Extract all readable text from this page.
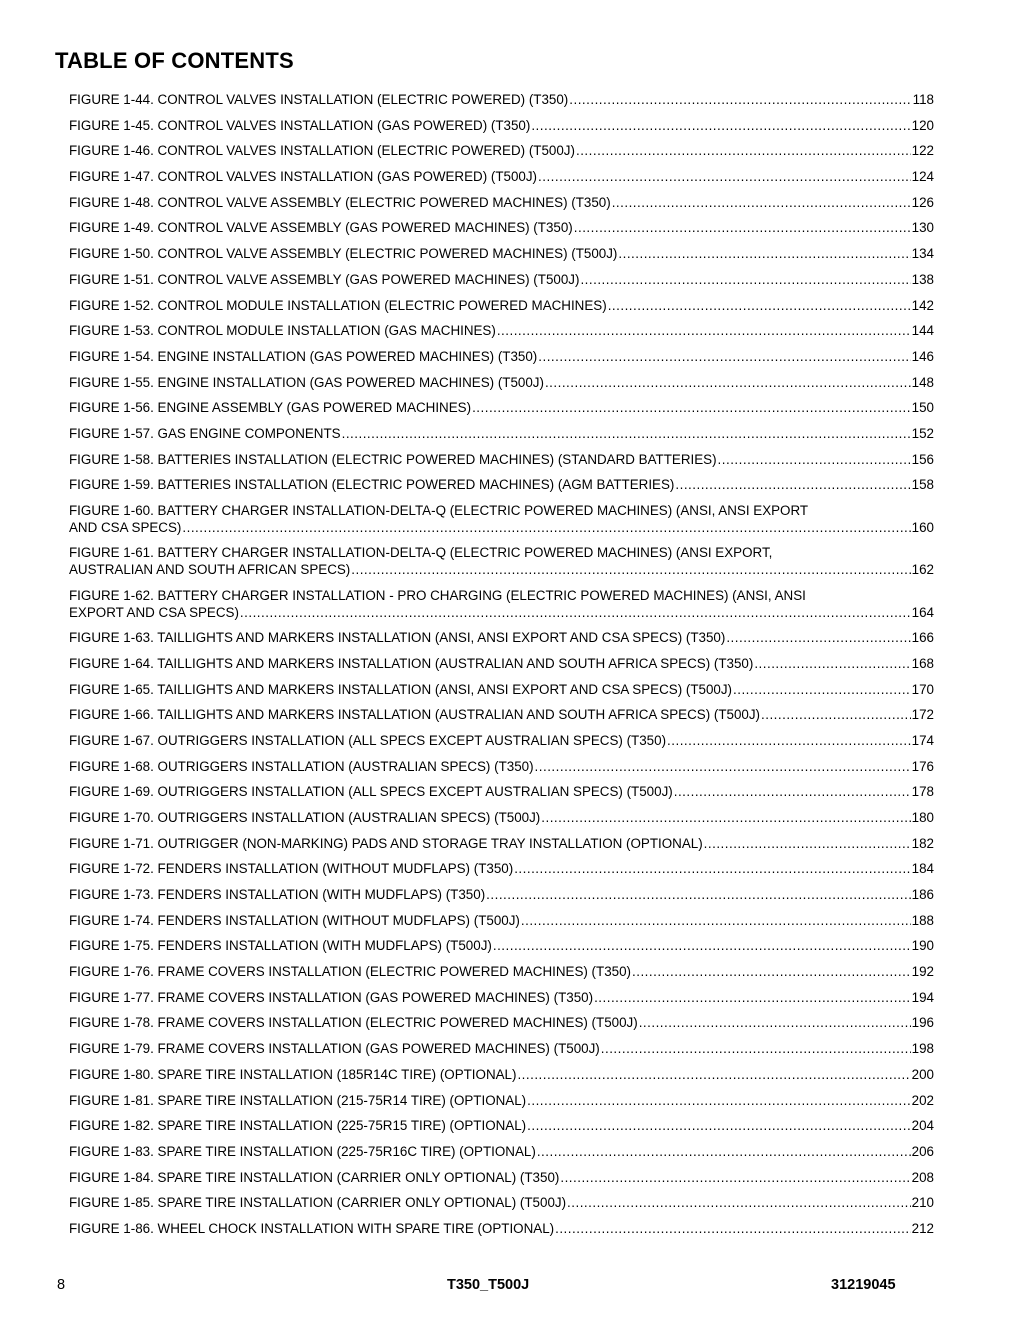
TABLE OF CONTENTS
FIGURE 1-44. CONTROL VALVES INSTALLATION (ELECTRIC POWERED) (T350) .....	118
FIGURE 1-45. CONTROL VALVES INSTALLATION (GAS POWERED) (T350) .....	120
FIGURE 1-46. CONTROL VALVES INSTALLATION (ELECTRIC POWERED) (T500J) .....	122
FIGURE 1-47. CONTROL VALVES INSTALLATION (GAS POWERED) (T500J) .....	124
FIGURE 1-48. CONTROL VALVE ASSEMBLY (ELECTRIC POWERED MACHINES) (T350) .....	126
FIGURE 1-49. CONTROL VALVE ASSEMBLY (GAS POWERED MACHINES) (T350) .....	130
FIGURE 1-50. CONTROL VALVE ASSEMBLY (ELECTRIC POWERED MACHINES) (T500J) .....	134
FIGURE 1-51. CONTROL VALVE ASSEMBLY (GAS POWERED MACHINES) (T500J) .....	138
FIGURE 1-52. CONTROL MODULE INSTALLATION (ELECTRIC POWERED MACHINES) .....	142
FIGURE 1-53. CONTROL MODULE INSTALLATION (GAS MACHINES) .....	144
FIGURE 1-54. ENGINE INSTALLATION (GAS POWERED MACHINES) (T350) .....	146
FIGURE 1-55. ENGINE INSTALLATION (GAS POWERED MACHINES) (T500J) .....	148
FIGURE 1-56. ENGINE ASSEMBLY (GAS POWERED MACHINES) .....	150
FIGURE 1-57. GAS ENGINE COMPONENTS .....	152
FIGURE 1-58. BATTERIES INSTALLATION (ELECTRIC POWERED MACHINES) (STANDARD BATTERIES) .....	156
FIGURE 1-59. BATTERIES INSTALLATION (ELECTRIC POWERED MACHINES) (AGM BATTERIES) .....	158
FIGURE 1-60. BATTERY CHARGER INSTALLATION-DELTA-Q (ELECTRIC POWERED MACHINES) (ANSI, ANSI EXPORT
AND CSA SPECS) .....	160
FIGURE 1-61. BATTERY CHARGER INSTALLATION-DELTA-Q (ELECTRIC POWERED MACHINES) (ANSI EXPORT,
AUSTRALIAN AND SOUTH AFRICAN SPECS) .....	162
FIGURE 1-62. BATTERY CHARGER INSTALLATION - PRO CHARGING (ELECTRIC POWERED MACHINES) (ANSI, ANSI
EXPORT AND CSA SPECS) .....	164
FIGURE 1-63. TAILLIGHTS AND MARKERS INSTALLATION (ANSI, ANSI EXPORT AND CSA SPECS) (T350) .....	166
FIGURE 1-64. TAILLIGHTS AND MARKERS INSTALLATION (AUSTRALIAN AND SOUTH AFRICA SPECS) (T350) .....	168
FIGURE 1-65. TAILLIGHTS AND MARKERS INSTALLATION (ANSI, ANSI EXPORT AND CSA SPECS) (T500J) .....	170
FIGURE 1-66. TAILLIGHTS AND MARKERS INSTALLATION (AUSTRALIAN AND SOUTH AFRICA SPECS) (T500J) .....	172
FIGURE 1-67. OUTRIGGERS INSTALLATION (ALL SPECS EXCEPT AUSTRALIAN SPECS) (T350) .....	174
FIGURE 1-68. OUTRIGGERS INSTALLATION (AUSTRALIAN SPECS) (T350) .....	176
FIGURE 1-69. OUTRIGGERS INSTALLATION (ALL SPECS EXCEPT AUSTRALIAN SPECS) (T500J) .....	178
FIGURE 1-70. OUTRIGGERS INSTALLATION (AUSTRALIAN SPECS) (T500J) .....	180
FIGURE 1-71. OUTRIGGER (NON-MARKING) PADS AND STORAGE TRAY INSTALLATION (OPTIONAL) .....	182
FIGURE 1-72. FENDERS INSTALLATION (WITHOUT MUDFLAPS) (T350) .....	184
FIGURE 1-73. FENDERS INSTALLATION (WITH MUDFLAPS) (T350) .....	186
FIGURE 1-74. FENDERS INSTALLATION (WITHOUT MUDFLAPS) (T500J) .....	188
FIGURE 1-75. FENDERS INSTALLATION (WITH MUDFLAPS) (T500J) .....	190
FIGURE 1-76. FRAME COVERS INSTALLATION (ELECTRIC POWERED MACHINES) (T350) .....	192
FIGURE 1-77. FRAME COVERS INSTALLATION (GAS POWERED MACHINES) (T350) .....	194
FIGURE 1-78. FRAME COVERS INSTALLATION (ELECTRIC POWERED MACHINES) (T500J) .....	196
FIGURE 1-79. FRAME COVERS INSTALLATION (GAS POWERED MACHINES) (T500J) .....	198
FIGURE 1-80. SPARE TIRE INSTALLATION (185R14C TIRE) (OPTIONAL) .....	200
FIGURE 1-81. SPARE TIRE INSTALLATION (215-75R14 TIRE) (OPTIONAL) .....	202
FIGURE 1-82. SPARE TIRE INSTALLATION (225-75R15 TIRE) (OPTIONAL) .....	204
FIGURE 1-83. SPARE TIRE INSTALLATION (225-75R16C TIRE) (OPTIONAL) .....	206
FIGURE 1-84. SPARE TIRE INSTALLATION (CARRIER ONLY OPTIONAL) (T350) .....	208
FIGURE 1-85. SPARE TIRE INSTALLATION (CARRIER ONLY OPTIONAL) (T500J) .....	210
FIGURE 1-86. WHEEL CHOCK INSTALLATION WITH SPARE TIRE (OPTIONAL) .....	212
8	T350_T500J	31219045
